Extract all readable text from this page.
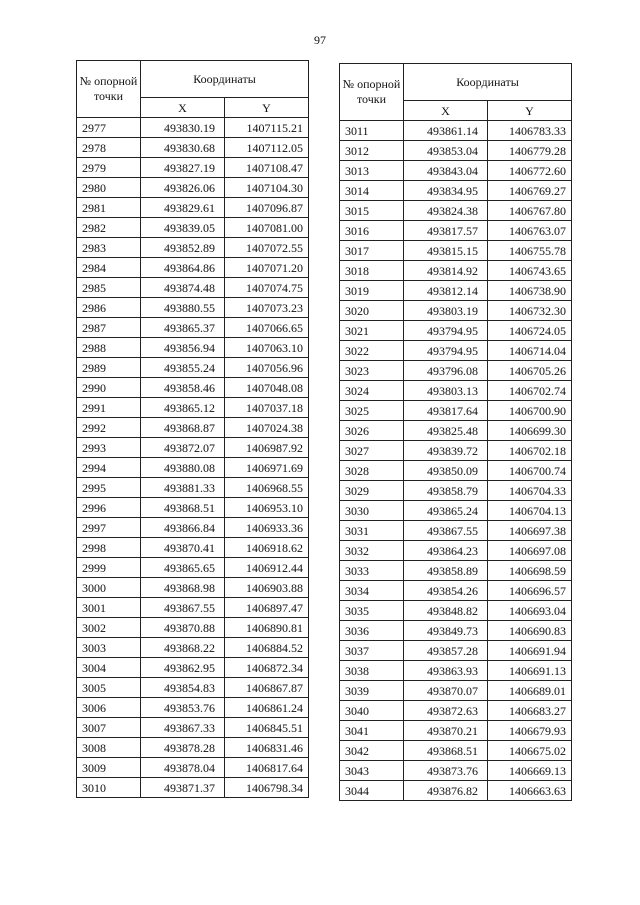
97
№ опорной точки	Координаты	
	X	Y
2977	493830.19	1407115.21
2978	493830.68	1407112.05
2979	493827.19	1407108.47
2980	493826.06	1407104.30
2981	493829.61	1407096.87
2982	493839.05	1407081.00
2983	493852.89	1407072.55
2984	493864.86	1407071.20
2985	493874.48	1407074.75
2986	493880.55	1407073.23
2987	493865.37	1407066.65
2988	493856.94	1407063.10
2989	493855.24	1407056.96
2990	493858.46	1407048.08
2991	493865.12	1407037.18
2992	493868.87	1407024.38
2993	493872.07	1406987.92
2994	493880.08	1406971.69
2995	493881.33	1406968.55
2996	493868.51	1406953.10
2997	493866.84	1406933.36
2998	493870.41	1406918.62
2999	493865.65	1406912.44
3000	493868.98	1406903.88
3001	493867.55	1406897.47
3002	493870.88	1406890.81
3003	493868.22	1406884.52
3004	493862.95	1406872.34
3005	493854.83	1406867.87
3006	493853.76	1406861.24
3007	493867.33	1406845.51
3008	493878.28	1406831.46
3009	493878.04	1406817.64
3010	493871.37	1406798.34
№ опорной точки	Координаты	
	X	Y
3011	493861.14	1406783.33
3012	493853.04	1406779.28
3013	493843.04	1406772.60
3014	493834.95	1406769.27
3015	493824.38	1406767.80
3016	493817.57	1406763.07
3017	493815.15	1406755.78
3018	493814.92	1406743.65
3019	493812.14	1406738.90
3020	493803.19	1406732.30
3021	493794.95	1406724.05
3022	493794.95	1406714.04
3023	493796.08	1406705.26
3024	493803.13	1406702.74
3025	493817.64	1406700.90
3026	493825.48	1406699.30
3027	493839.72	1406702.18
3028	493850.09	1406700.74
3029	493858.79	1406704.33
3030	493865.24	1406704.13
3031	493867.55	1406697.38
3032	493864.23	1406697.08
3033	493858.89	1406698.59
3034	493854.26	1406696.57
3035	493848.82	1406693.04
3036	493849.73	1406690.83
3037	493857.28	1406691.94
3038	493863.93	1406691.13
3039	493870.07	1406689.01
3040	493872.63	1406683.27
3041	493870.21	1406679.93
3042	493868.51	1406675.02
3043	493873.76	1406669.13
3044	493876.82	1406663.63
